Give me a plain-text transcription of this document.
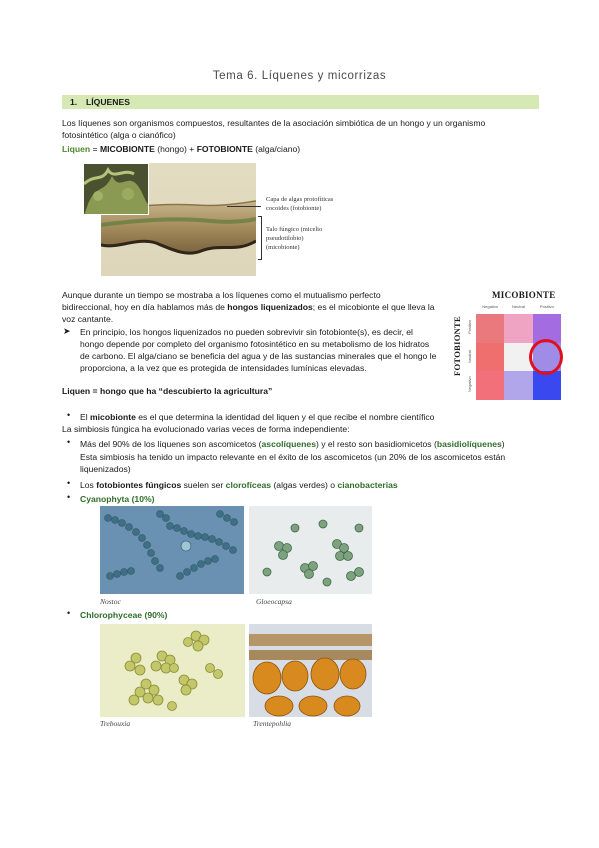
Tema 6. Líquenes y micorrizas
1. LÍQUENES
Los líquenes son organismos compuestos, resultantes de la asociación simbiótica de un hongo y un organismo
fotosintético (alga o cianófico)
Liquen = MICOBIONTE (hongo) + FOTOBIONTE (alga/ciano)
Capa de algas protofíticas
cocoides (fotobionte)
Talo fúngico (micelio
pseudotilobio)
(micobionte)
Aunque durante un tiempo se mostraba a los líquenes como el mutualismo perfecto
bidireccional, hoy en día hablamos más de hongos liquenizados; es el micobionte el que lleva la
voz cantante.
➤ En principio, los hongos liquenizados no pueden sobrevivir sin fotobionte(s), es decir, el
hongo depende por completo del organismo fotosintético en su metabolismo de los hidratos
de carbono. El alga/ciano se beneficia del agua y de las sustancias minerales que el hongo le
proporciona, a la vez que es protegida de intensidades lumínicas elevadas.
Liquen = hongo que ha “descubierto la agricultura”
MICOBIONTE
FOTOBIONTE
Negativo	Neutral	Positivo
Positivo
Neutral
Negativo
• El micobionte es el que determina la identidad del liquen y el que recibe el nombre científico
La simbiosis fúngica ha evolucionado varias veces de forma independiente:
• Más del 90% de los líquenes son ascomicetos (ascolíquenes) y el resto son basidiomicetos (basidiolíquenes)
Esta simbiosis ha tenido un impacto relevante en el éxito de los ascomicetos (un 20% de los ascomicetos están
liquenizados)
• Los fotobiontes fúngicos suelen ser clorofíceas (algas verdes) o cianobacterias
• Cyanophyta (10%)
Nostoc	Gloeocapsa
• Chlorophyceae (90%)
Trebouxia	Trentepohlia
